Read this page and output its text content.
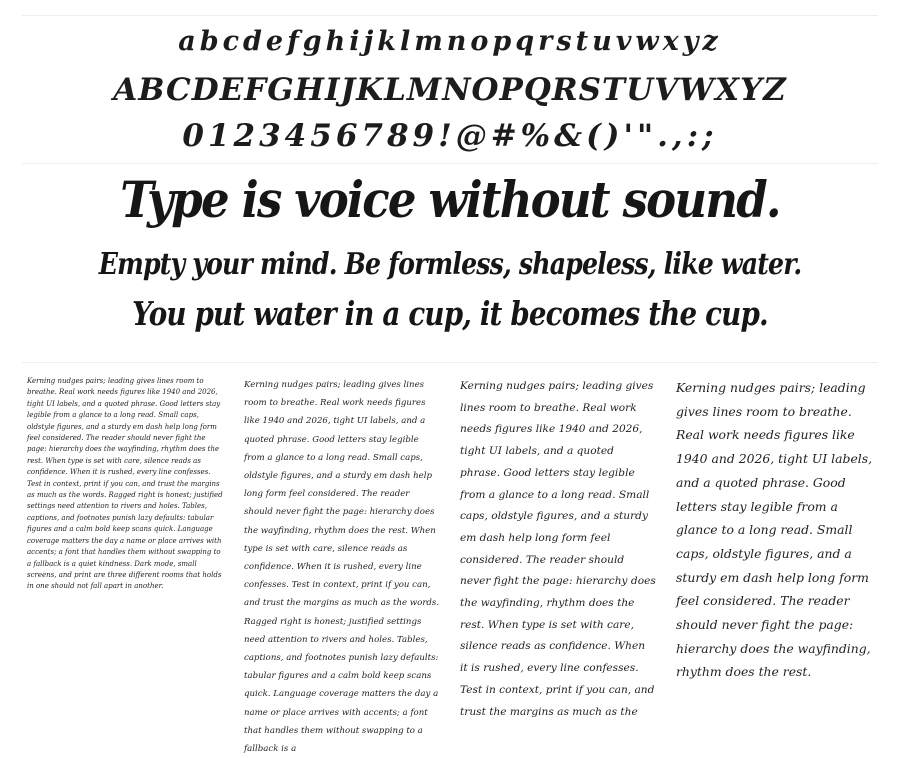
abcdefghijklmnopqrstuvwxyz
ABCDEFGHIJKLMNOPQRSTUVWXYZ
0123456789!@#%&()'".,:;
Type is voice without sound.
Empty your mind. Be formless, shapeless, like water.
You put water in a cup, it becomes the cup.

Kerning nudges pairs; leading gives lines room to breathe. Real work needs figures like 1940 and 2026, tight UI labels, and a quoted phrase. Good letters stay legible from a glance to a long read. Small caps, oldstyle figures, and a sturdy em dash help long form feel considered. The reader should never fight the page: hierarchy does the wayfinding, rhythm does the rest. When type is set with care, silence reads as confidence. When it is rushed, every line confesses. Test in context, print if you can, and trust the margins as much as the words. Ragged right is honest; justified settings need attention to rivers and holes. Tables, captions, and footnotes punish lazy defaults: tabular figures and a calm bold keep scans quick. Language coverage matters the day a name or place arrives with accents; a font that handles them without swapping to a fallback is a quiet kindness. Dark mode, small screens, and print are three different rooms that holds in one should not fall apart in another.

Kerning nudges pairs; leading gives lines room to breathe. Real work needs figures like 1940 and 2026, tight UI labels, and a quoted phrase. Good letters stay legible from a glance to a long read. Small caps, oldstyle figures, and a sturdy em dash help long form feel considered. The reader should never fight the page: hierarchy does the wayfinding, rhythm does the rest. When type is set with care, silence reads as confidence. When it is rushed, every line confesses. Test in context, print if you can, and trust the margins as much as the words. Ragged right is honest; justified settings need attention to rivers and holes. Tables, captions, and footnotes punish lazy defaults: tabular figures and a calm bold keep scans quick. Language coverage matters the day a name or place arrives with accents; a font that handles them without swapping to a fallback is a

Kerning nudges pairs; leading gives lines room to breathe. Real work needs figures like 1940 and 2026, tight UI labels, and a quoted phrase. Good letters stay legible from a glance to a long read. Small caps, oldstyle figures, and a sturdy em dash help long form feel considered. The reader should never fight the page: hierarchy does the wayfinding, rhythm does the rest. When type is set with care, silence reads as confidence. When it is rushed, every line confesses. Test in context, print if you can, and trust the margins as much as the

Kerning nudges pairs; leading gives lines room to breathe. Real work needs figures like 1940 and 2026, tight UI labels, and a quoted phrase. Good letters stay legible from a glance to a long read. Small caps, oldstyle figures, and a sturdy em dash help long form feel considered. The reader should never fight the page: hierarchy does the wayfinding, rhythm does the rest.
